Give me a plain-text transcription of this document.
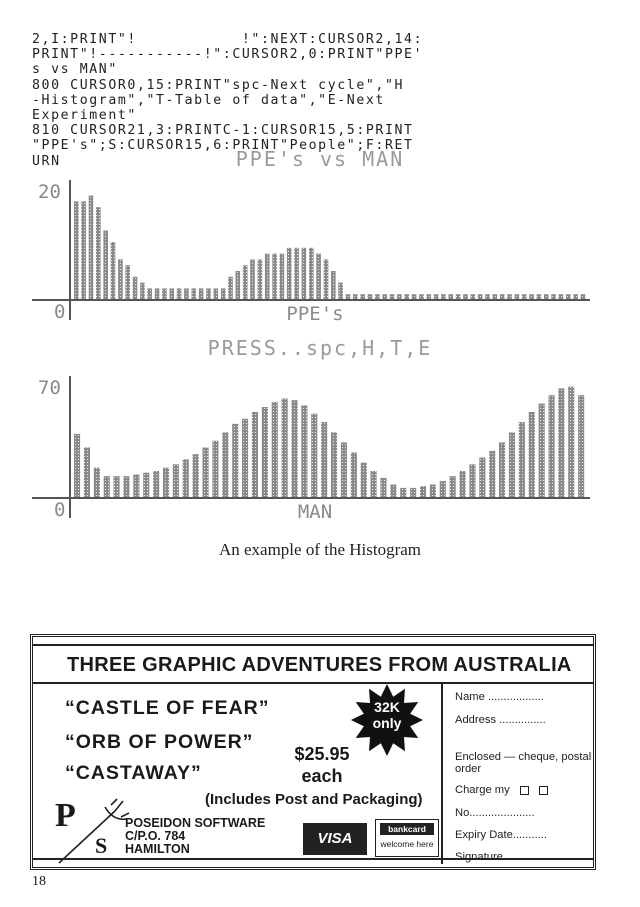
2,I:PRINT"!           !":NEXT:CURSOR2,14:
PRINT"!-----------!":CURSOR2,0:PRINT"PPE'
s vs MAN"
800 CURSOR0,15:PRINT"spc-Next cycle","H
-Histogram","T-Table of data","E-Next
Experiment"
810 CURSOR21,3:PRINTC-1:CURSOR15,5:PRINT
"PPE's";S:CURSOR15,6:PRINT"People";F:RET
URN	PPE's vs MAN
20
0	PPE's
PRESS..spc,H,T,E
70
0	MAN
An example of the Histogram
THREE GRAPHIC ADVENTURES FROM AUSTRALIA
“CASTLE OF FEAR”
“ORB OF POWER”
“CASTAWAY”
32K
only
$25.95
each
(Includes Post and Packaging)
P
S
POSEIDON SOFTWARE
C/P.O. 784
HAMILTON
VISA
bankcard
welcome here
Name ..................
Address ...............
Enclosed — cheque, postal
order
Charge my
No.....................
Expiry Date...........
Signature ..............
18
